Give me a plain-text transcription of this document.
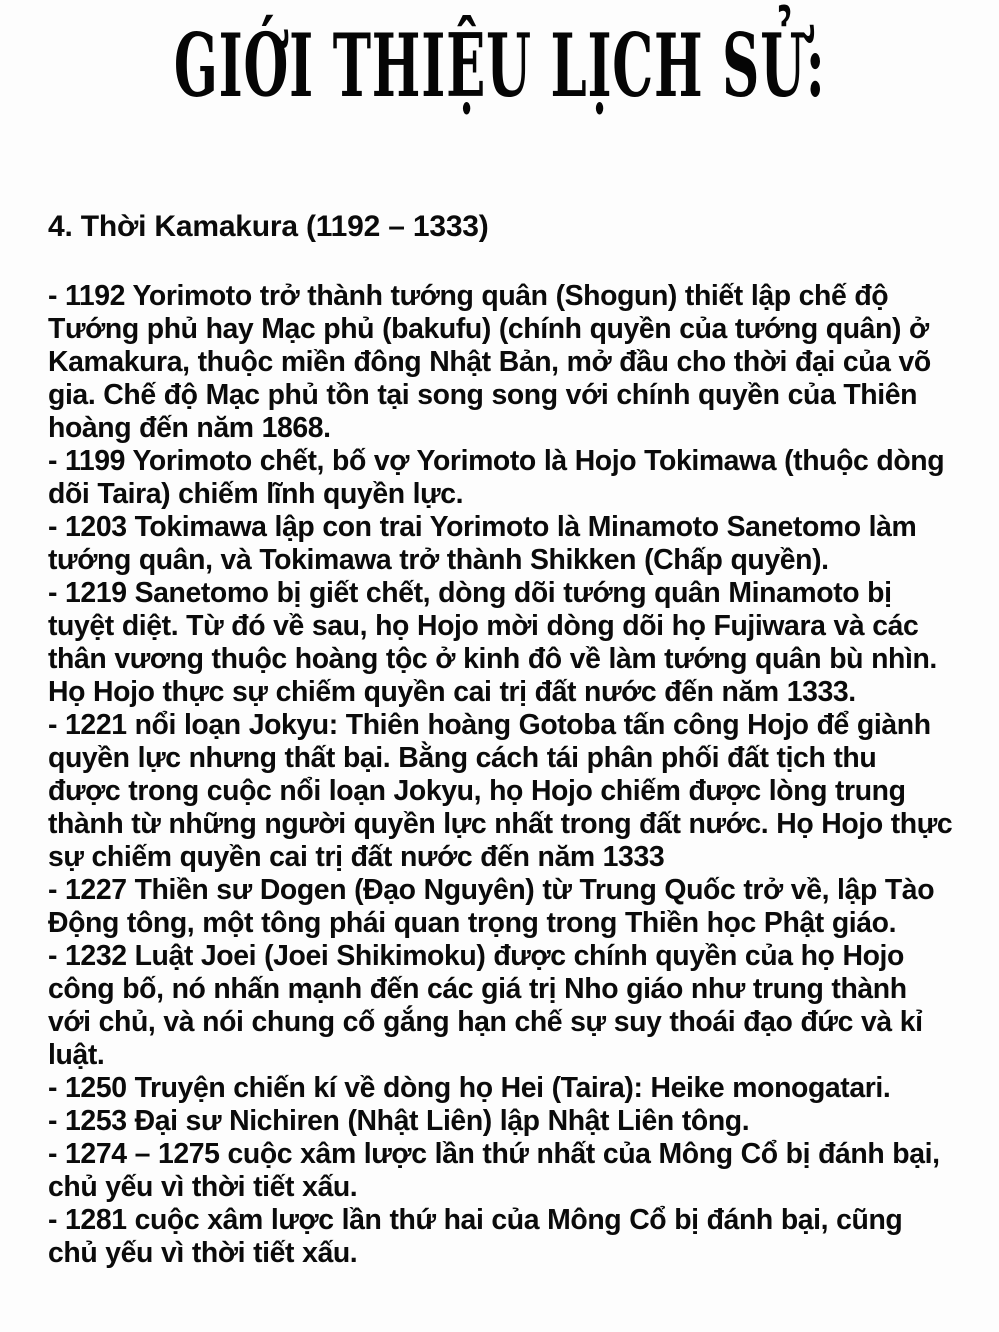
GIỚI THIỆU LỊCH SỬ:
4. Thời Kamakura (1192 – 1333)

- 1192 Yorimoto trở thành tướng quân (Shogun) thiết lập chế độ Tướng phủ hay Mạc phủ (bakufu) (chính quyền của tướng quân) ở Kamakura, thuộc miền đông Nhật Bản, mở đầu cho thời đại của võ gia. Chế độ Mạc phủ tồn tại song song với chính quyền của Thiên hoàng đến năm 1868.

- 1199 Yorimoto chết, bố vợ Yorimoto là Hojo Tokimawa (thuộc dòng dõi Taira) chiếm lĩnh quyền lực.

- 1203 Tokimawa lập con trai Yorimoto là Minamoto Sanetomo làm tướng quân, và Tokimawa trở thành Shikken (Chấp quyền).

- 1219 Sanetomo bị giết chết, dòng dõi tướng quân Minamoto bị tuyệt diệt. Từ đó về sau, họ Hojo mời dòng dõi họ Fujiwara và các thân vương thuộc hoàng tộc ở kinh đô về làm tướng quân bù nhìn. Họ Hojo thực sự chiếm quyền cai trị đất nước đến năm 1333.

- 1221 nổi loạn Jokyu: Thiên hoàng Gotoba tấn công Hojo để giành quyền lực nhưng thất bại. Bằng cách tái phân phối đất tịch thu được trong cuộc nổi loạn Jokyu, họ Hojo chiếm được lòng trung thành từ những người quyền lực nhất trong đất nước. Họ Hojo thực sự chiếm quyền cai trị đất nước đến năm 1333

- 1227 Thiền sư Dogen (Đạo Nguyên) từ Trung Quốc trở về, lập Tào Động tông, một tông phái quan trọng trong Thiền học Phật giáo.

- 1232 Luật Joei (Joei Shikimoku) được chính quyền của họ Hojo công bố, nó nhấn mạnh đến các giá trị Nho giáo như trung thành với chủ, và nói chung cố gắng hạn chế sự suy thoái đạo đức và kỉ luật.

- 1250 Truyện chiến kí về dòng họ Hei (Taira): Heike monogatari.

- 1253 Đại sư Nichiren (Nhật Liên) lập Nhật Liên tông.

- 1274 – 1275 cuộc xâm lược lần thứ nhất của Mông Cổ bị đánh bại, chủ yếu vì thời tiết xấu.

- 1281 cuộc xâm lược lần thứ hai của Mông Cổ bị đánh bại, cũng chủ yếu vì thời tiết xấu.
